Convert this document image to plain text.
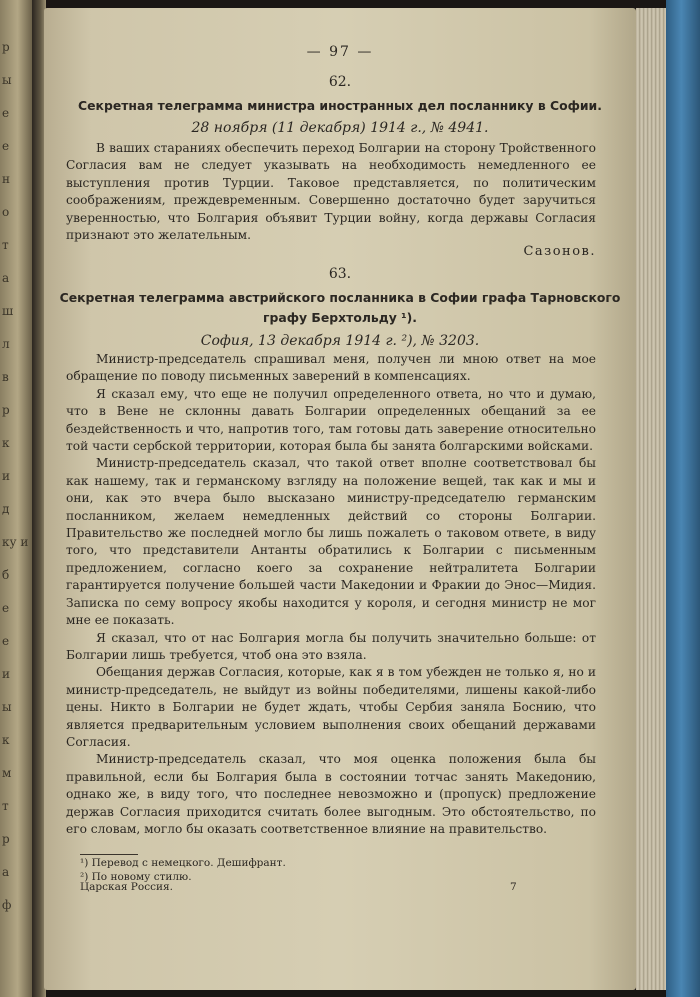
р
ы
е
е
н
о
т
а
ш
л
в
р
к
и
д
ку и
б
е
е
и
ы
к
м
т
р
а
ф
— 97 —
62.
Секретная телеграмма министра иностранных дел посланнику в Софии.
28 ноября (11 декабря) 1914 г., № 4941.

В ваших стараниях обеспечить переход Болгарии на сторону Тройственного Согласия вам не следует указывать на необходимость немедленного ее выступления против Турции. Таковое представляется, по политическим соображениям, преждевременным. Совершенно достаточно будет заручиться уверенностью, что Болгария объявит Турции войну, когда державы Согласия признают это желательным.

Сазонов.
63.
Секретная телеграмма австрийского посланника в Софии графа Тарновского
графу Берхтольду ¹).
София, 13 декабря 1914 г. ²), № 3203.

Министр-председатель спрашивал меня, получен ли мною ответ на мое обращение по поводу письменных заверений в компенсациях.

Я сказал ему, что еще не получил определенного ответа, но что и думаю, что в Вене не склонны давать Болгарии определенных обещаний за ее бездейственность и что, напротив того, там готовы дать заверение относительно той части сербской территории, которая была бы занята болгарскими войсками.

Министр-председатель сказал, что такой ответ вполне соответствовал бы как нашему, так и германскому взгляду на положение вещей, так как и мы и они, как это вчера было высказано министру-председателю германским посланником, желаем немедленных действий со стороны Болгарии. Правительство же последней могло бы лишь пожалеть о таковом ответе, в виду того, что представители Антанты обратились к Болгарии с письменным предложением, согласно коего за сохранение нейтралитета Болгарии гарантируется получение большей части Македонии и Фракии до Энос—Мидия. Записка по сему вопросу якобы находится у короля, и сегодня министр не мог мне ее показать.

Я сказал, что от нас Болгария могла бы получить значительно больше: от Болгарии лишь требуется, чтоб она это взяла.

Обещания держав Согласия, которые, как я в том убежден не только я, но и министр-председатель, не выйдут из войны победителями, лишены какой-либо цены. Никто в Болгарии не будет ждать, чтобы Сербия заняла Боснию, что является предварительным условием выполнения своих обещаний державами Согласия.

Министр-председатель сказал, что моя оценка положения была бы правильной, если бы Болгария была в состоянии тотчас занять Македонию, однако же, в виду того, что последнее невозможно и (пропуск) предложение держав Согласия приходится считать более выгодным. Это обстоятельство, по его словам, могло бы оказать соответственное влияние на правительство.

¹) Перевод с немецкого. Дешифрант.
²) По новому стилю.
Царская Россия.	7
